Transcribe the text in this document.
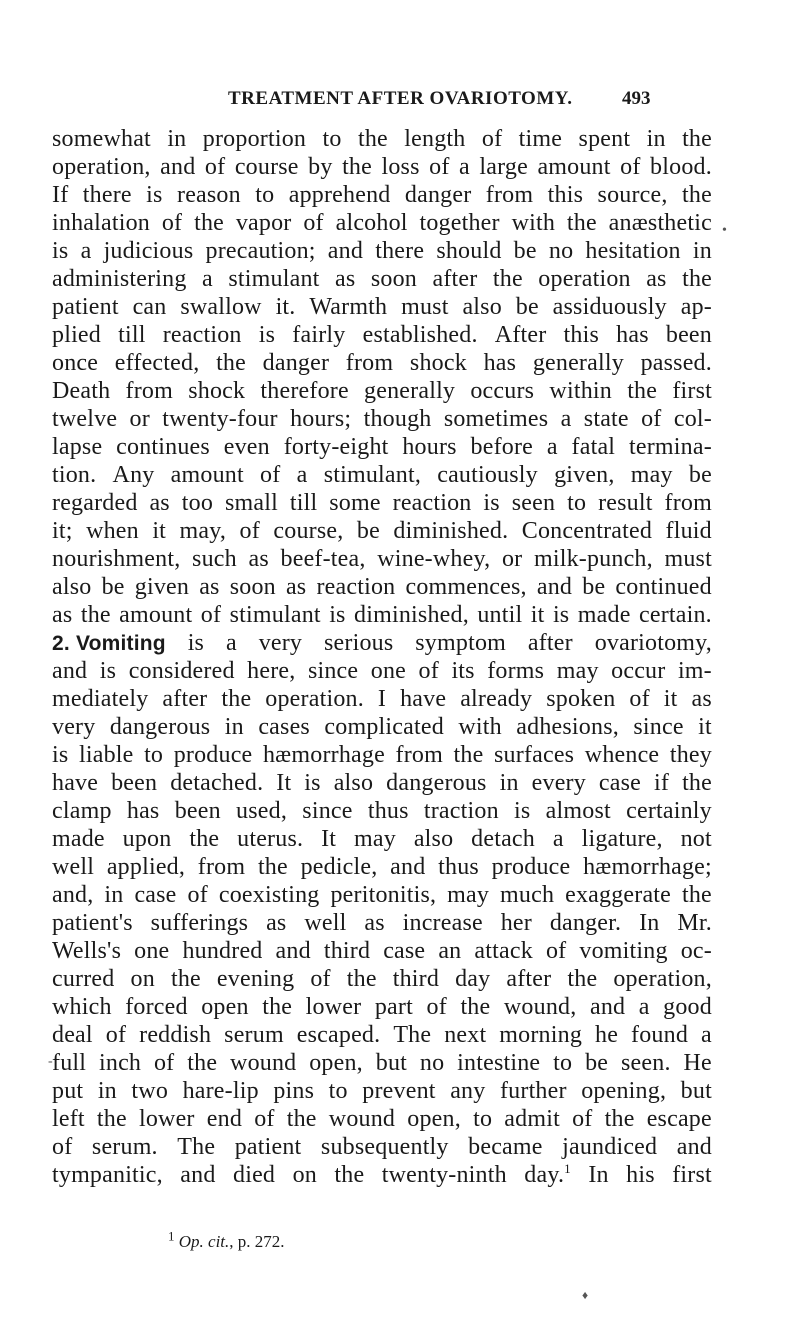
TREATMENT AFTER OVARIOTOMY.	493
somewhat in proportion to the length of time spent in the
operation, and of course by the loss of a large amount of blood.
If there is reason to apprehend danger from this source, the
inhalation of the vapor of alcohol together with the anæsthetic
is a judicious precaution; and there should be no hesitation in
administering a stimulant as soon after the operation as the
patient can swallow it. Warmth must also be assiduously ap-
plied till reaction is fairly established. After this has been
once effected, the danger from shock has generally passed.
Death from shock therefore generally occurs within the first
twelve or twenty-four hours; though sometimes a state of col-
lapse continues even forty-eight hours before a fatal termina-
tion. Any amount of a stimulant, cautiously given, may be
regarded as too small till some reaction is seen to result from
it; when it may, of course, be diminished. Concentrated fluid
nourishment, such as beef-tea, wine-whey, or milk-punch, must
also be given as soon as reaction commences, and be continued
as the amount of stimulant is diminished, until it is made certain.
2. Vomiting is a very serious symptom after ovariotomy,
and is considered here, since one of its forms may occur im-
mediately after the operation. I have already spoken of it as
very dangerous in cases complicated with adhesions, since it
is liable to produce hæmorrhage from the surfaces whence they
have been detached. It is also dangerous in every case if the
clamp has been used, since thus traction is almost certainly
made upon the uterus. It may also detach a ligature, not
well applied, from the pedicle, and thus produce hæmorrhage;
and, in case of coexisting peritonitis, may much exaggerate the
patient's sufferings as well as increase her danger. In Mr.
Wells's one hundred and third case an attack of vomiting oc-
curred on the evening of the third day after the operation,
which forced open the lower part of the wound, and a good
deal of reddish serum escaped. The next morning he found a
full inch of the wound open, but no intestine to be seen. He
put in two hare-lip pins to prevent any further opening, but
left the lower end of the wound open, to admit of the escape
of serum. The patient subsequently became jaundiced and
tympanitic, and died on the twenty-ninth day.$^1$ In his first
$^1$ Op. cit., p. 272.
•
-
♦
